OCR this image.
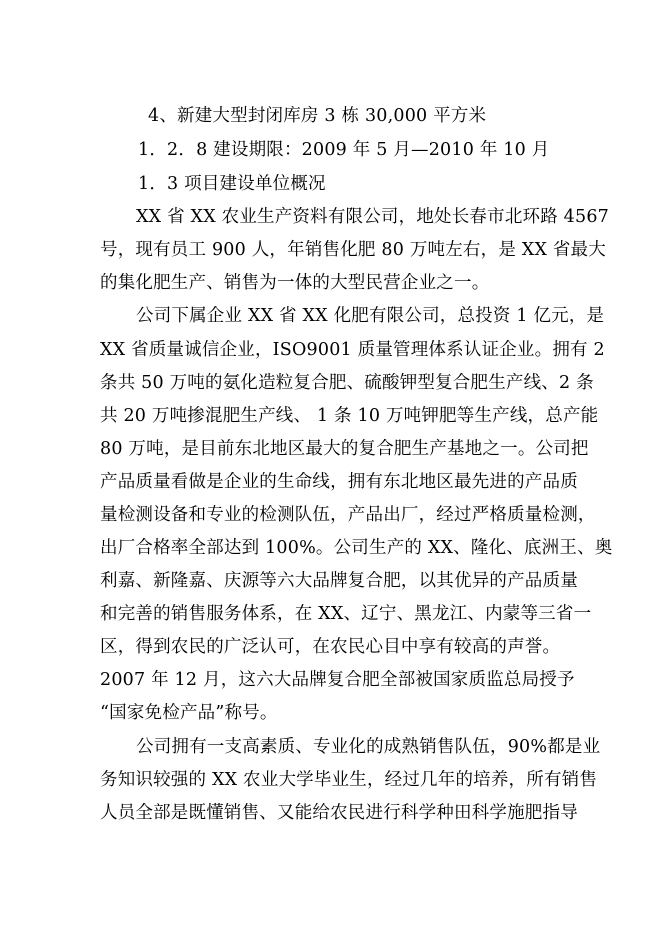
4、新建大型封闭库房 3 栋 30,000 平方米
1．2．8 建设期限：2009 年 5 月—2010 年 10 月
1．3 项目建设单位概况
XX 省 XX 农业生产资料有限公司，地处长春市北环路 4567
号，现有员工 900 人，年销售化肥 80 万吨左右，是 XX 省最大
的集化肥生产、销售为一体的大型民营企业之一。
公司下属企业 XX 省 XX 化肥有限公司，总投资 1 亿元，是
XX 省质量诚信企业，ISO9001 质量管理体系认证企业。拥有 2
条共 50 万吨的氨化造粒复合肥、硫酸钾型复合肥生产线、2 条
共 20 万吨掺混肥生产线、 1 条 10 万吨钾肥等生产线，总产能
80 万吨，是目前东北地区最大的复合肥生产基地之一。公司把
产品质量看做是企业的生命线，拥有东北地区最先进的产品质
量检测设备和专业的检测队伍，产品出厂，经过严格质量检测，
出厂合格率全部达到 100%。公司生产的 XX、隆化、底洲王、奥
利嘉、新隆嘉、庆源等六大品牌复合肥，以其优异的产品质量
和完善的销售服务体系，在 XX、辽宁、黑龙江、内蒙等三省一
区，得到农民的广泛认可，在农民心目中享有较高的声誉。
2007 年 12 月，这六大品牌复合肥全部被国家质监总局授予
“国家免检产品”称号。
公司拥有一支高素质、专业化的成熟销售队伍，90%都是业
务知识较强的 XX 农业大学毕业生，经过几年的培养，所有销售
人员全部是既懂销售、又能给农民进行科学种田科学施肥指导
